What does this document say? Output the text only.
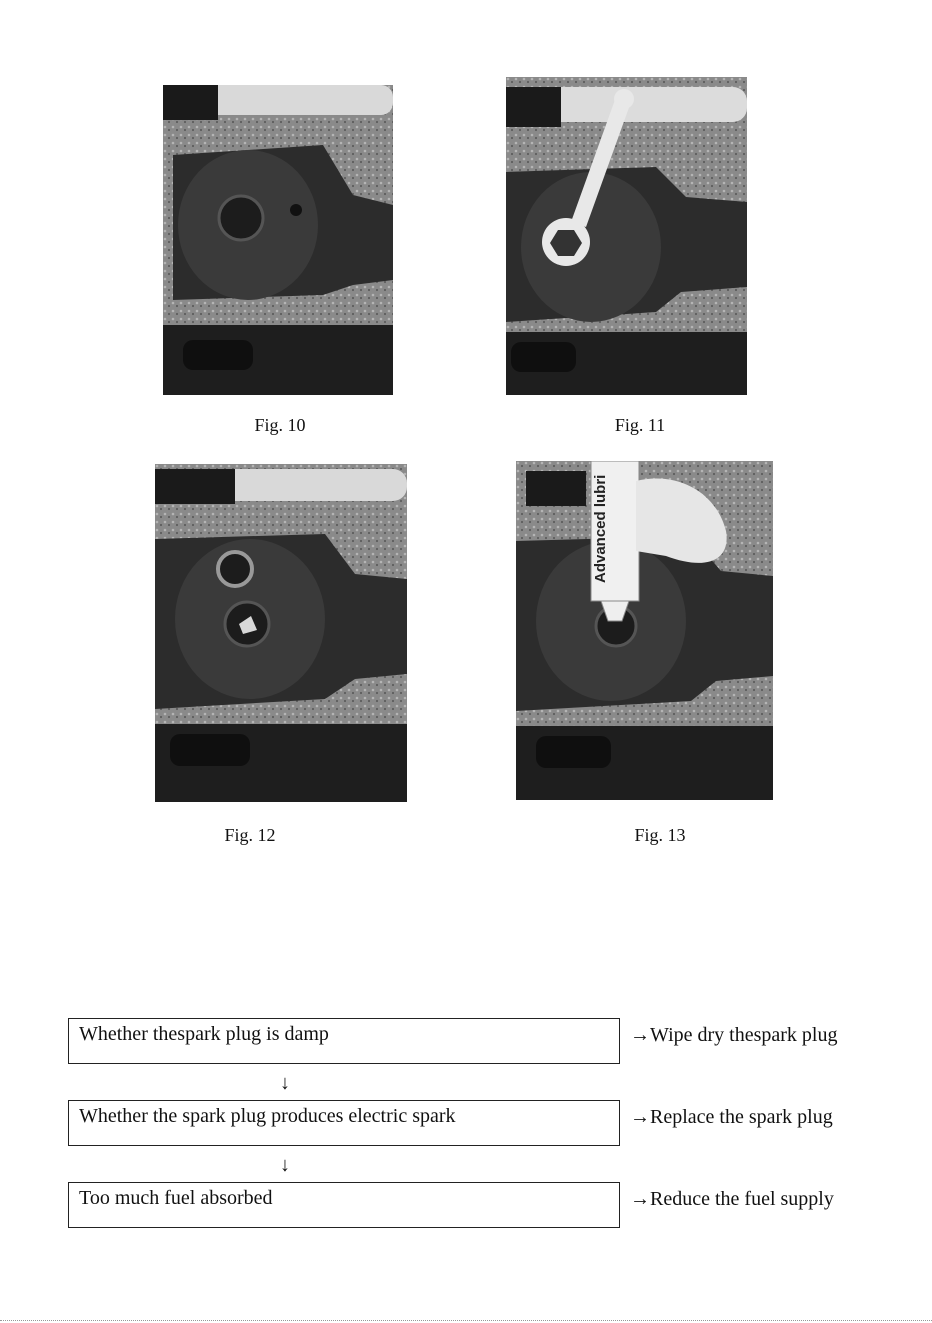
Fig. 10	Fig. 11
Fig. 12
Advanced lubri
Fig. 13
Whether thespark plug is damp	→Wipe dry thespark plug
↓
Whether the spark plug produces electric spark	→Replace the spark plug
↓
Too much fuel absorbed	→Reduce the fuel supply
